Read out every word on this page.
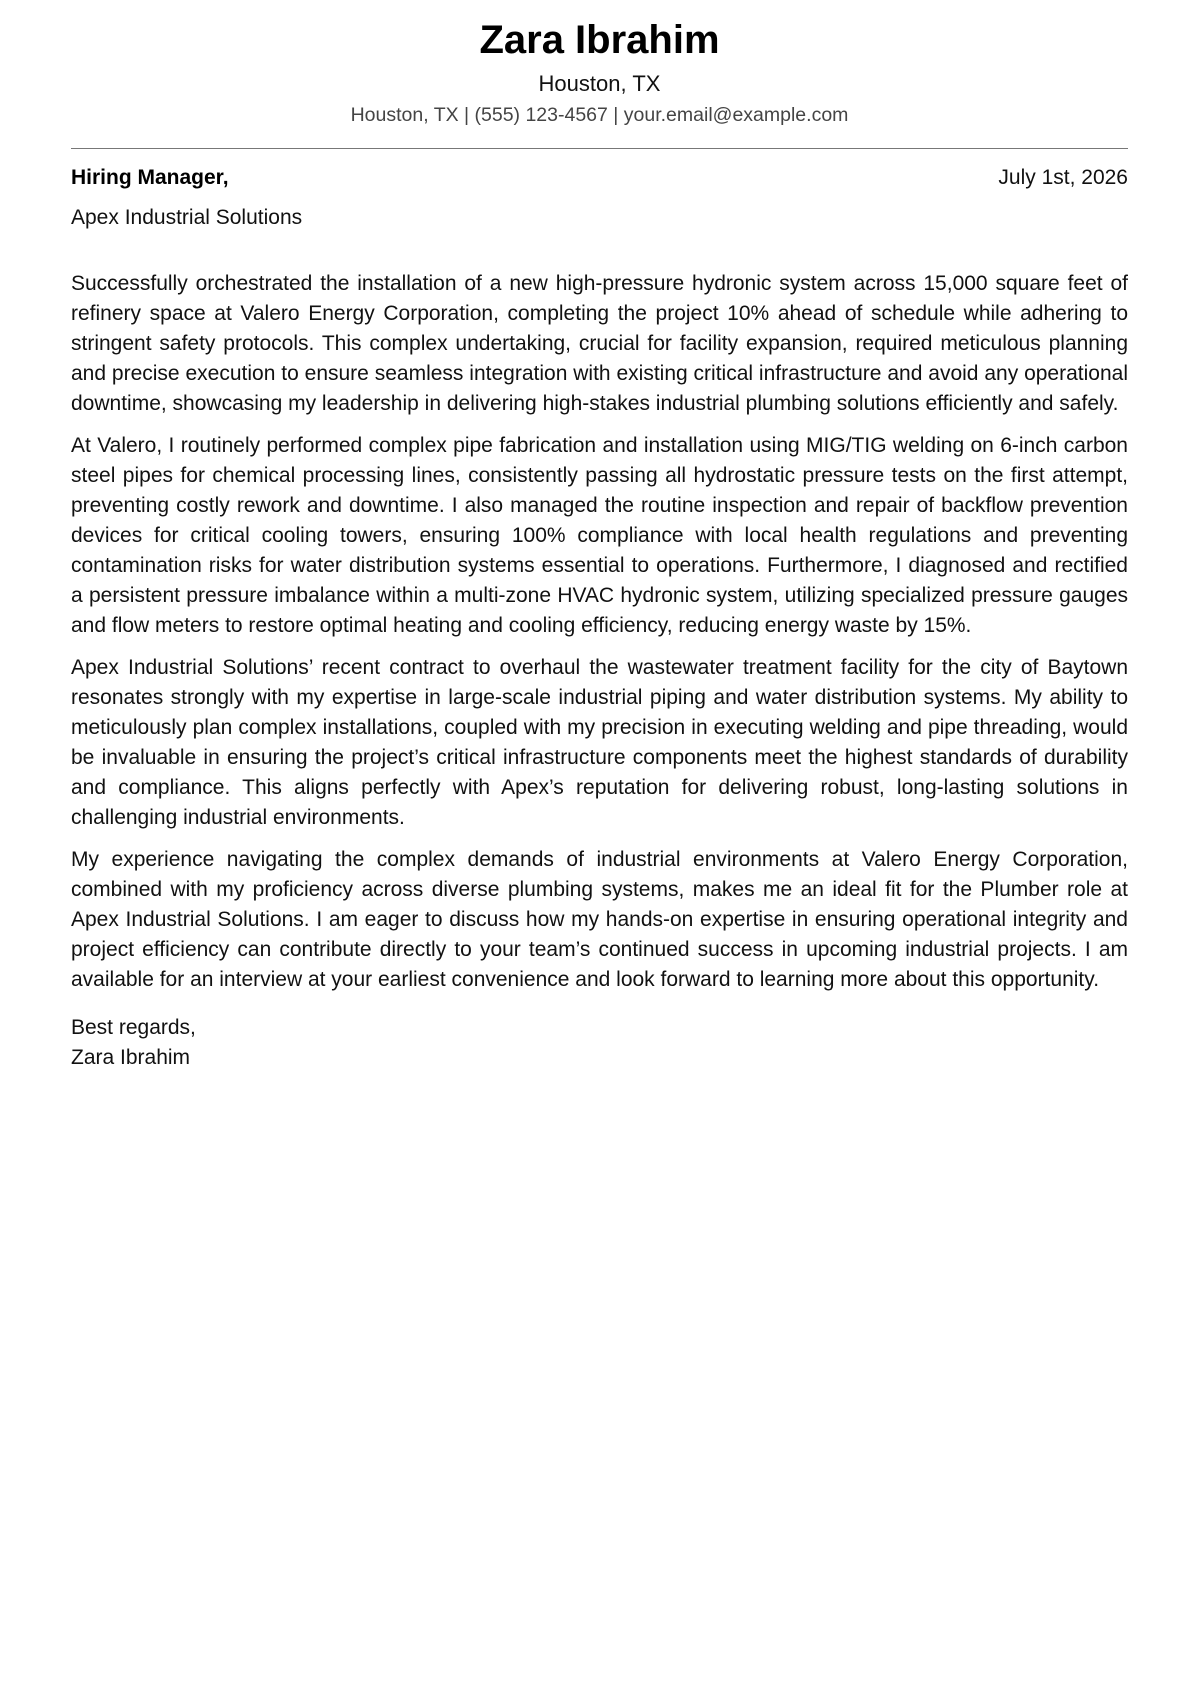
Zara Ibrahim
Houston, TX
Houston, TX | (555) 123-4567 | your.email@example.com
Hiring Manager,	July 1st, 2026
Apex Industrial Solutions

Successfully orchestrated the installation of a new high-pressure hydronic system across 15,000 square feet of refinery space at Valero Energy Corporation, completing the project 10% ahead of schedule while adhering to stringent safety protocols. This complex undertaking, crucial for facility expansion, required meticulous planning and precise execution to ensure seamless integration with existing critical infrastructure and avoid any operational downtime, showcasing my leadership in delivering high-stakes industrial plumbing solutions efficiently and safely.

At Valero, I routinely performed complex pipe fabrication and installation using MIG/TIG welding on 6-inch carbon steel pipes for chemical processing lines, consistently passing all hydrostatic pressure tests on the first attempt, preventing costly rework and downtime. I also managed the routine inspection and repair of backflow prevention devices for critical cooling towers, ensuring 100% compliance with local health regulations and preventing contamination risks for water distribution systems essential to operations. Furthermore, I diagnosed and rectified a persistent pressure imbalance within a multi-zone HVAC hydronic system, utilizing specialized pressure gauges and flow meters to restore optimal heating and cooling efficiency, reducing energy waste by 15%.

Apex Industrial Solutions’ recent contract to overhaul the wastewater treatment facility for the city of Baytown resonates strongly with my expertise in large-scale industrial piping and water distribution systems. My ability to meticulously plan complex installations, coupled with my precision in executing welding and pipe threading, would be invaluable in ensuring the project’s critical infrastructure components meet the highest standards of durability and compliance. This aligns perfectly with Apex’s reputation for delivering robust, long-lasting solutions in challenging industrial environments.

My experience navigating the complex demands of industrial environments at Valero Energy Corporation, combined with my proficiency across diverse plumbing systems, makes me an ideal fit for the Plumber role at Apex Industrial Solutions. I am eager to discuss how my hands-on expertise in ensuring operational integrity and project efficiency can contribute directly to your team’s continued success in upcoming industrial projects. I am available for an interview at your earliest convenience and look forward to learning more about this opportunity.

Best regards,
Zara Ibrahim
